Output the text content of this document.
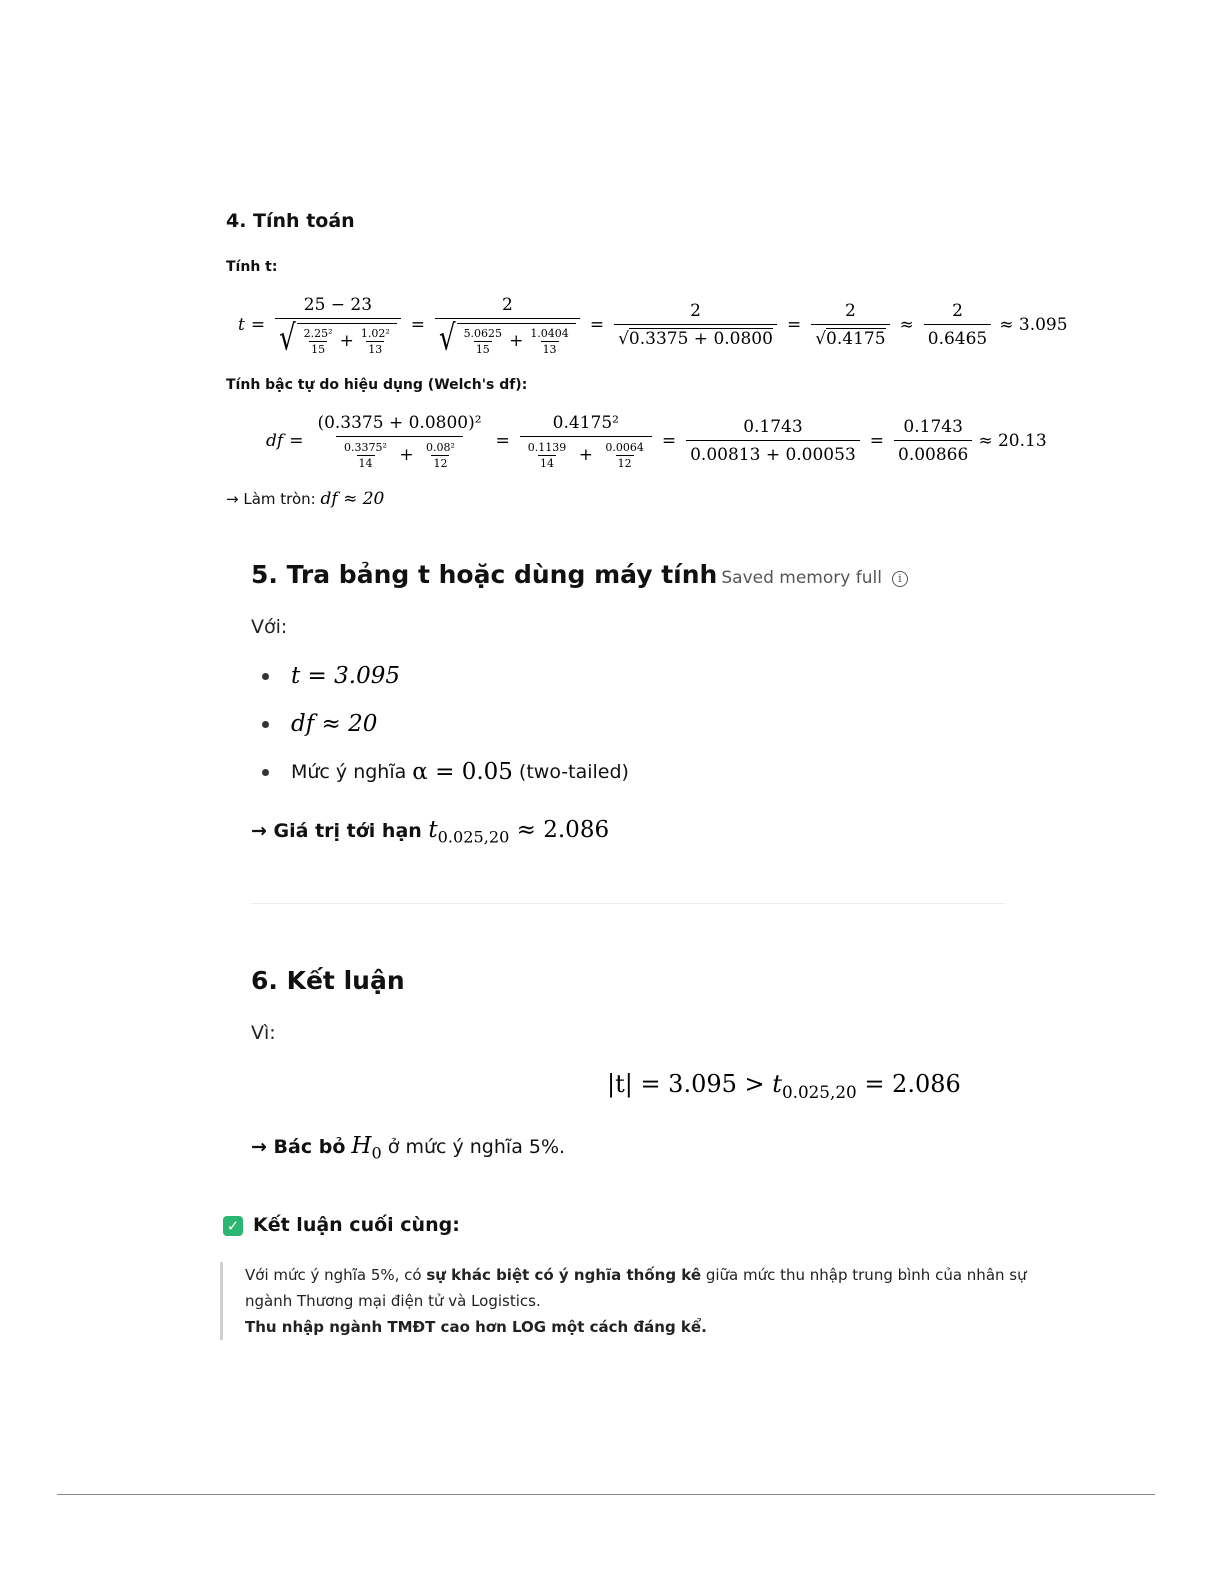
4. Tính toán
Tính t:
$t = \frac{25 - 23}{√ \frac{\text{2.25²}}{15} + \frac{\text{1.02²}}{13}} = \frac{2}{√ \frac{5.0625}{15} + \frac{1.0404}{13}} = \frac{2}{√0.3375 + 0.0800} = \frac{2}{√0.4175} \approx \frac{2}{0.6465} \approx 3.095$
Tính bậc tự do hiệu dụng (Welch's df):
df = $\frac{\text{(0.3375 + 0.0800)²}}{\frac{\text{0.3375²}}{14} + \frac{\text{0.08²}}{12}} = \frac{\text{0.4175²}}{\frac{0.1139}{14} + \frac{0.0064}{12}} = \frac{0.1743}{0.00813 + 0.00053} = \frac{0.1743}{0.00866} \approx 20.13$
→ Làm tròn: df ≈ 20
5. Tra bảng t hoặc dùng máy tính Saved memory full i
Với:
t = 3.095
df ≈ 20
Mức ý nghĩa α = 0.05 (two-tailed)
→ Giá trị tới hạn $t_{0.025,20} \approx 2.086$
6. Kết luận
Vì:
$|t| = 3.095 > t_{0.025,20} = 2.086$
→ Bác bỏ $H_0$ ở mức ý nghĩa 5%.
✓ Kết luận cuối cùng:
Với mức ý nghĩa 5%, có sự khác biệt có ý nghĩa thống kê giữa mức thu nhập trung bình của nhân sự
ngành Thương mại điện tử và Logistics.
Thu nhập ngành TMĐT cao hơn LOG một cách đáng kể.
